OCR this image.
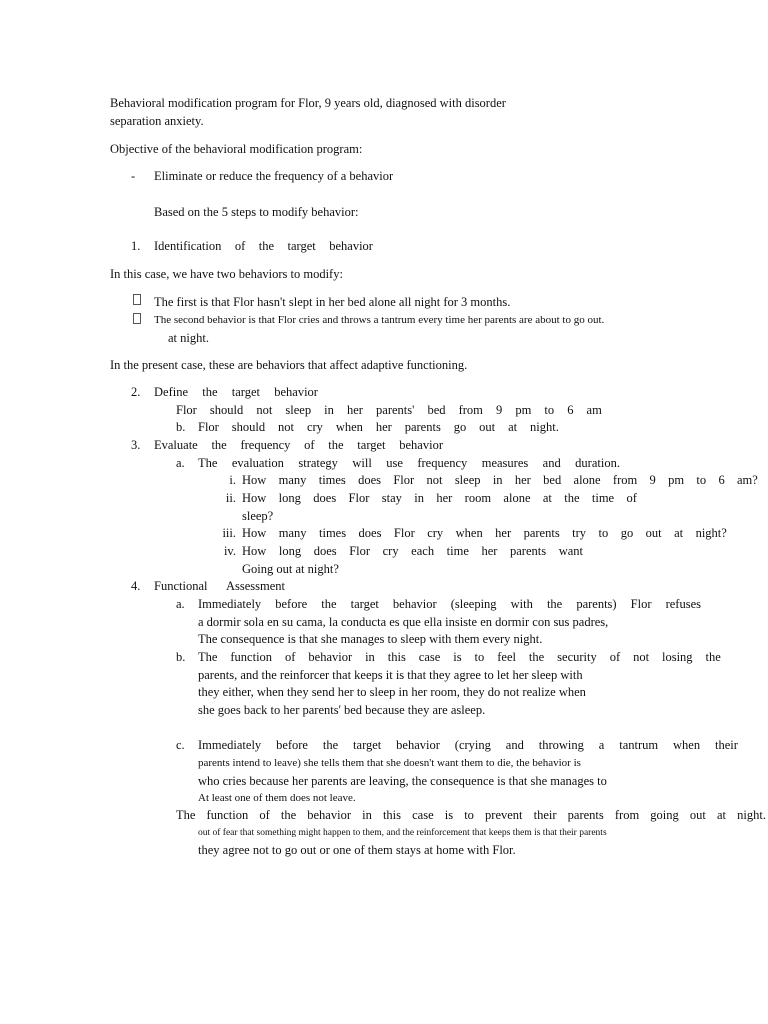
Behavioral modification program for Flor, 9 years old, diagnosed with disorder
separation anxiety.
Objective of the behavioral modification program:
- Eliminate or reduce the frequency of a behavior
Based on the 5 steps to modify behavior:
1. Identification of the target behavior
In this case, we have two behaviors to modify:
The first is that Flor hasn't slept in her bed alone all night for 3 months.
The second behavior is that Flor cries and throws a tantrum every time her parents are about to go out.
at night.
In the present case, these are behaviors that affect adaptive functioning.
2. Define the target behavior
Flor should not sleep in her parents' bed from 9 pm to 6 am
b. Flor should not cry when her parents go out at night.
3. Evaluate the frequency of the target behavior
a. The evaluation strategy will use frequency measures and duration.
i. How many times does Flor not sleep in her bed alone from 9 pm to 6 am?
ii. How long does Flor stay in her room alone at the time of
sleep?
iii. How many times does Flor cry when her parents try to go out at night?
iv. How long does Flor cry each time her parents want
Going out at night?
4. Functional Assessment
a. Immediately before the target behavior (sleeping with the parents) Flor refuses
a dormir sola en su cama, la conducta es que ella insiste en dormir con sus padres,
The consequence is that she manages to sleep with them every night.
b. The function of behavior in this case is to feel the security of not losing the
parents, and the reinforcer that keeps it is that they agree to let her sleep with
they either, when they send her to sleep in her room, they do not realize when
she goes back to her parents' bed because they are asleep.
c. Immediately before the target behavior (crying and throwing a tantrum when their
parents intend to leave) she tells them that she doesn't want them to die, the behavior is
who cries because her parents are leaving, the consequence is that she manages to
At least one of them does not leave.
The function of the behavior in this case is to prevent their parents from going out at night.
out of fear that something might happen to them, and the reinforcement that keeps them is that their parents
they agree not to go out or one of them stays at home with Flor.
